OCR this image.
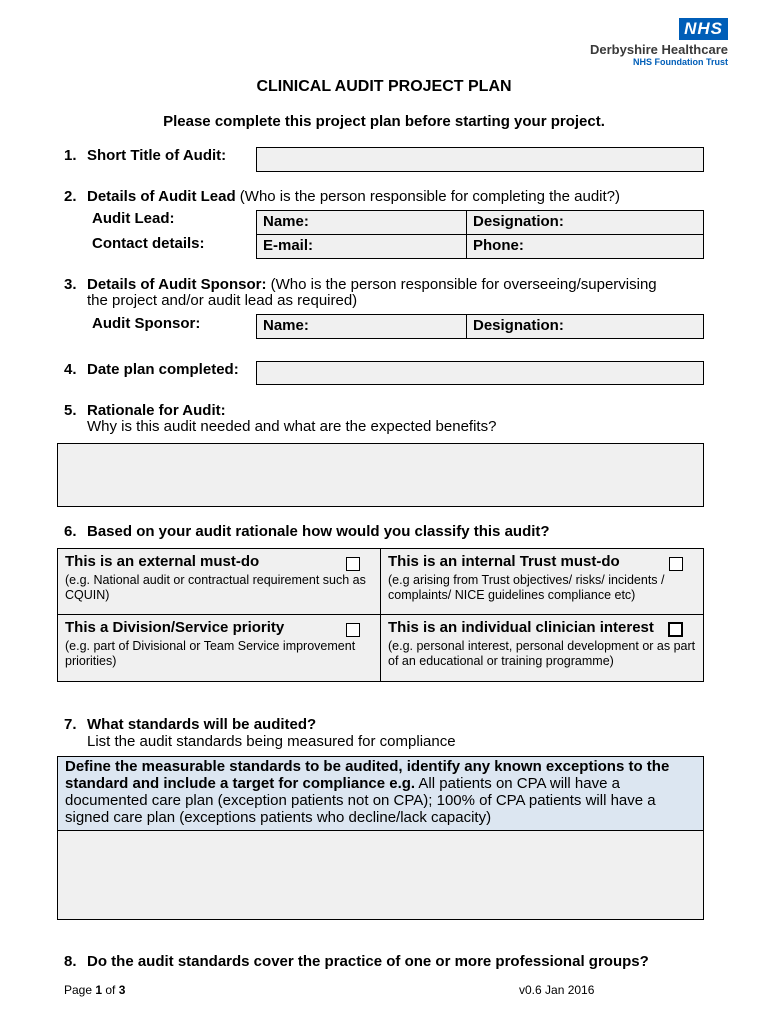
NHS
Derbyshire Healthcare
NHS Foundation Trust
CLINICAL AUDIT PROJECT PLAN
Please complete this project plan before starting your project.
1. Short Title of Audit:
2. Details of Audit Lead (Who is the person responsible for completing the audit?)
Audit Lead:	Name:	Designation:
Contact details:	E-mail:	Phone:
3. Details of Audit Sponsor: (Who is the person responsible for overseeing/supervising
the project and/or audit lead as required)
Audit Sponsor:	Name:	Designation:
4. Date plan completed:
5. Rationale for Audit:
Why is this audit needed and what are the expected benefits?
6. Based on your audit rationale how would you classify this audit?
This is an external must-do
(e.g. National audit or contractual requirement such as CQUIN)
This is an internal Trust must-do
(e.g arising from Trust objectives/ risks/ incidents / complaints/ NICE guidelines compliance etc)
This a Division/Service priority
(e.g. part of Divisional or Team Service improvement priorities)
This is an individual clinician interest
(e.g. personal interest, personal development or as part of an educational or training programme)
7. What standards will be audited?
List the audit standards being measured for compliance
Define the measurable standards to be audited, identify any known exceptions to the standard and include a target for compliance e.g. All patients on CPA will have a documented care plan (exception patients not on CPA); 100% of CPA patients will have a signed care plan (exceptions patients who decline/lack capacity)
8. Do the audit standards cover the practice of one or more professional groups?
Page 1 of 3	v0.6 Jan 2016
